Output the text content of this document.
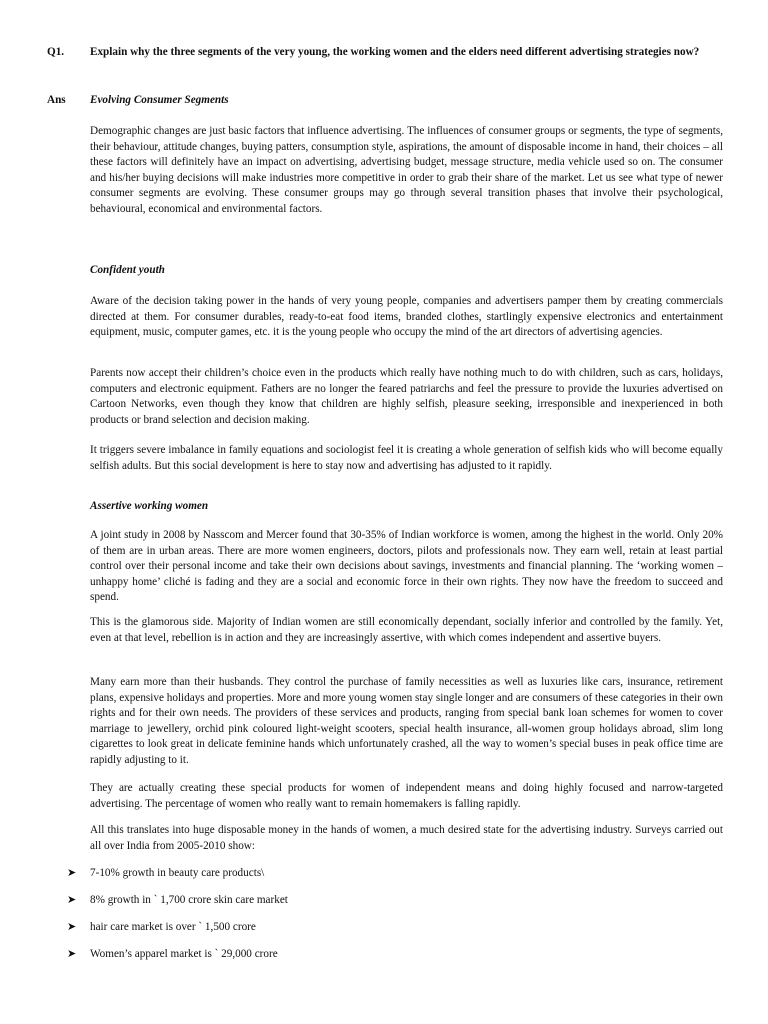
Q1. Explain why the three segments of the very young, the working women and the elders need different advertising strategies now?
Ans Evolving Consumer Segments

Demographic changes are just basic factors that influence advertising. The influences of consumer groups or segments, the type of segments, their behaviour, attitude changes, buying patters, consumption style, aspirations, the amount of disposable income in hand, their choices – all these factors will definitely have an impact on advertising, advertising budget, message structure, media vehicle used so on. The consumer and his/her buying decisions will make industries more competitive in order to grab their share of the market. Let us see what type of newer consumer segments are evolving. These consumer groups may go through several transition phases that involve their psychological, behavioural, economical and environmental factors.

Confident youth

Aware of the decision taking power in the hands of very young people, companies and advertisers pamper them by creating commercials directed at them. For consumer durables, ready-to-eat food items, branded clothes, startlingly expensive electronics and entertainment equipment, music, computer games, etc. it is the young people who occupy the mind of the art directors of advertising agencies.

Parents now accept their children’s choice even in the products which really have nothing much to do with children, such as cars, holidays, computers and electronic equipment. Fathers are no longer the feared patriarchs and feel the pressure to provide the luxuries advertised on Cartoon Networks, even though they know that children are highly selfish, pleasure seeking, irresponsible and inexperienced in both products or brand selection and decision making.

It triggers severe imbalance in family equations and sociologist feel it is creating a whole generation of selfish kids who will become equally selfish adults. But this social development is here to stay now and advertising has adjusted to it rapidly.

Assertive working women

A joint study in 2008 by Nasscom and Mercer found that 30-35% of Indian workforce is women, among the highest in the world. Only 20% of them are in urban areas. There are more women engineers, doctors, pilots and professionals now. They earn well, retain at least partial control over their personal income and take their own decisions about savings, investments and financial planning. The ‘working women – unhappy home’ cliché is fading and they are a social and economic force in their own rights. They now have the freedom to succeed and spend.

This is the glamorous side. Majority of Indian women are still economically dependant, socially inferior and controlled by the family. Yet, even at that level, rebellion is in action and they are increasingly assertive, with which comes independent and assertive buyers.

Many earn more than their husbands. They control the purchase of family necessities as well as luxuries like cars, insurance, retirement plans, expensive holidays and properties. More and more young women stay single longer and are consumers of these categories in their own rights and for their own needs. The providers of these services and products, ranging from special bank loan schemes for women to cover marriage to jewellery, orchid pink coloured light-weight scooters, special health insurance, all-women group holidays abroad, slim long cigarettes to look great in delicate feminine hands which unfortunately crashed, all the way to women’s special buses in peak office time are rapidly adjusting to it.

They are actually creating these special products for women of independent means and doing highly focused and narrow-targeted advertising. The percentage of women who really want to remain homemakers is falling rapidly.

All this translates into huge disposable money in the hands of women, a much desired state for the advertising industry. Surveys carried out all over India from 2005-2010 show:

➤ 7-10% growth in beauty care products\
➤ 8% growth in ` 1,700 crore skin care market
➤ hair care market is over ` 1,500 crore
➤ Women’s apparel market is ` 29,000 crore
